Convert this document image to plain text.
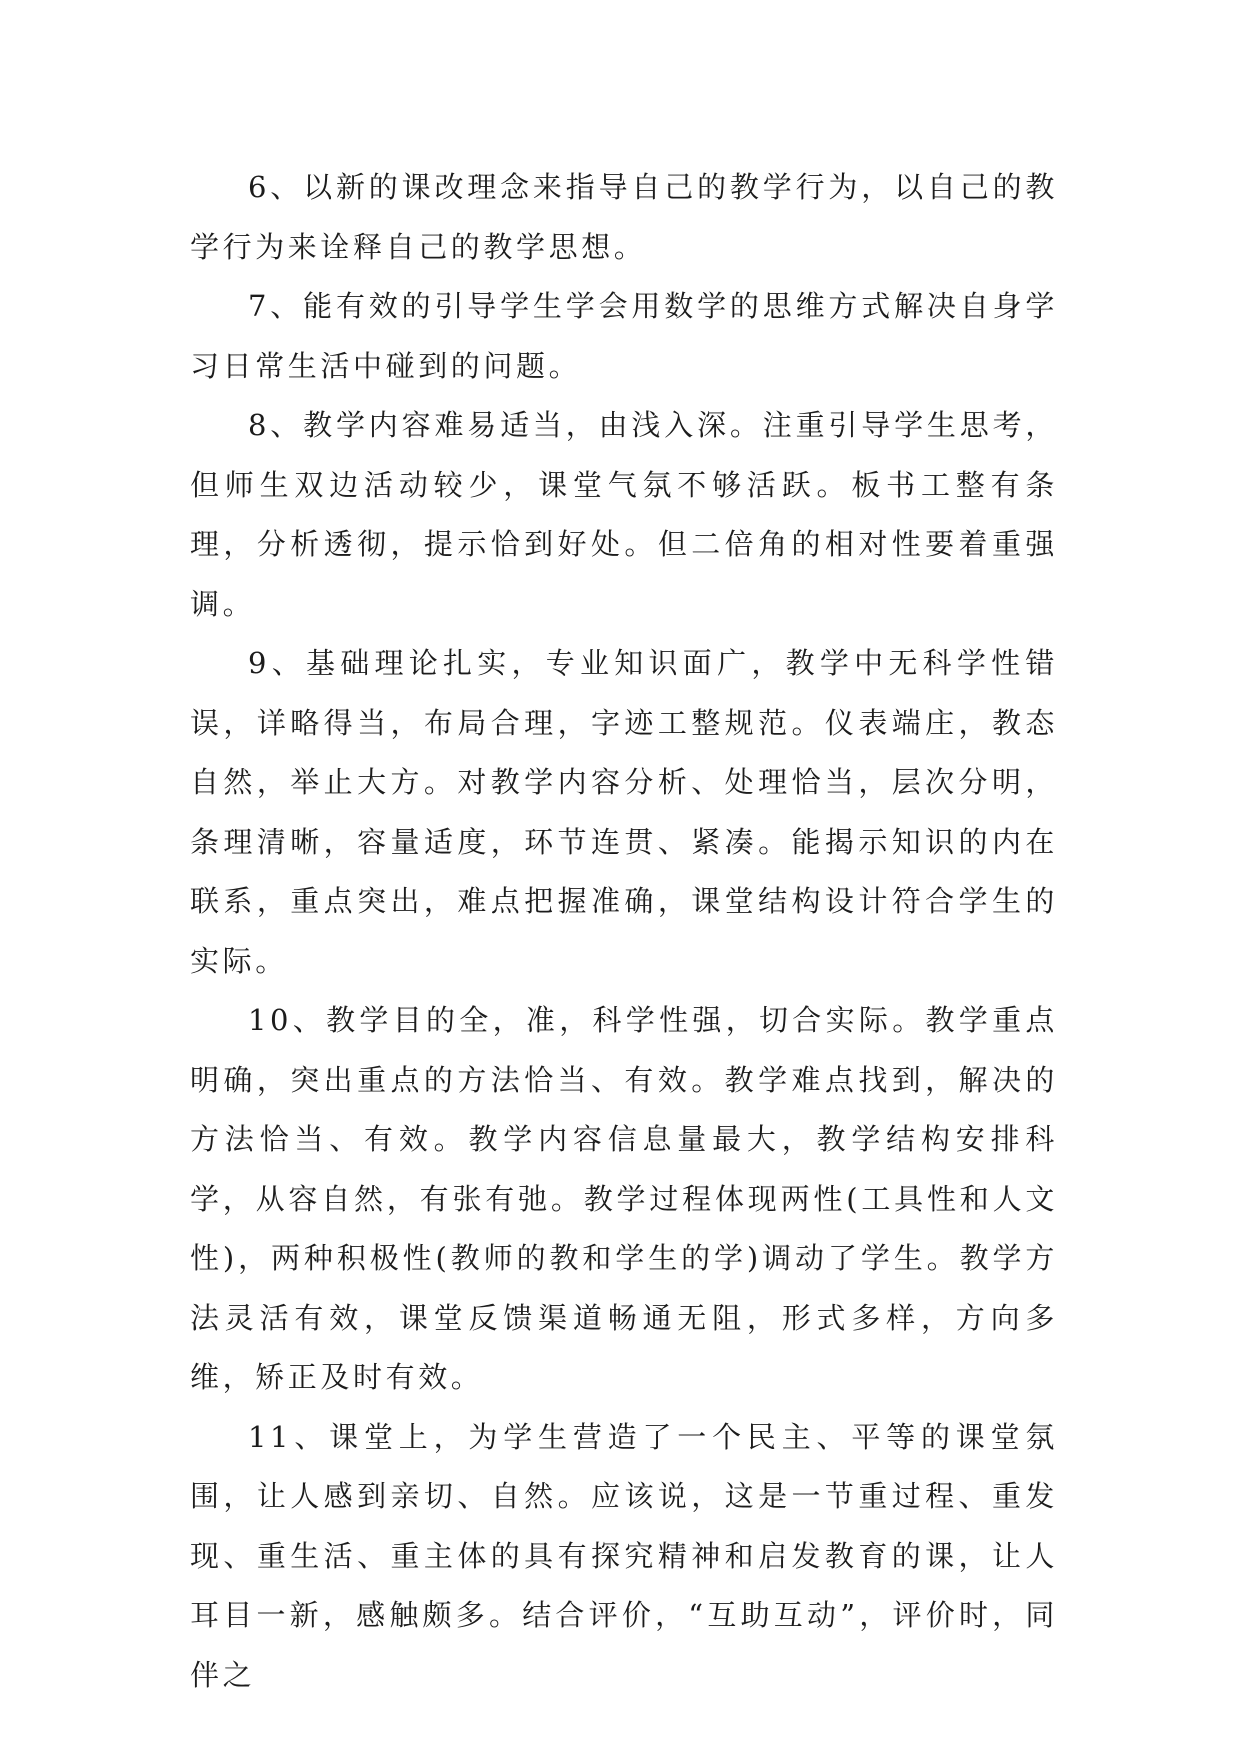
6、以新的课改理念来指导自己的教学行为，以自己的教学行为来诠释自己的教学思想。

7、能有效的引导学生学会用数学的思维方式解决自身学习日常生活中碰到的问题。

8、教学内容难易适当，由浅入深。注重引导学生思考，但师生双边活动较少，课堂气氛不够活跃。板书工整有条理，分析透彻，提示恰到好处。但二倍角的相对性要着重强调。

9、基础理论扎实，专业知识面广，教学中无科学性错误，详略得当，布局合理，字迹工整规范。仪表端庄，教态自然，举止大方。对教学内容分析、处理恰当，层次分明，条理清晰，容量适度，环节连贯、紧凑。能揭示知识的内在联系，重点突出，难点把握准确，课堂结构设计符合学生的实际。

10、教学目的全，准，科学性强，切合实际。教学重点明确，突出重点的方法恰当、有效。教学难点找到，解决的方法恰当、有效。教学内容信息量最大，教学结构安排科学，从容自然，有张有弛。教学过程体现两性(工具性和人文性)，两种积极性(教师的教和学生的学)调动了学生。教学方法灵活有效，课堂反馈渠道畅通无阻，形式多样，方向多维，矫正及时有效。

11、课堂上，为学生营造了一个民主、平等的课堂氛围，让人感到亲切、自然。应该说，这是一节重过程、重发现、重生活、重主体的具有探究精神和启发教育的课，让人耳目一新，感触颇多。结合评价，“互助互动”，评价时，同伴之
